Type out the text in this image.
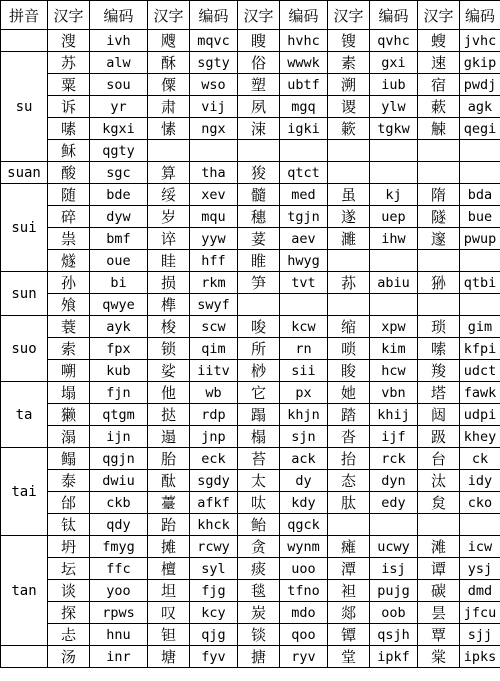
拼音	汉字	编码	汉字	编码	汉字	编码	汉字	编码	汉字	编码
	溲	ivh	飕	mqvc	瞍	hvhc	锼	qvhc	螋	jvhc
su	苏	alw	酥	sgty	俗	wwwk	素	gxi	速	gkip
	粟	sou	僳	wso	塑	ubtf	溯	iub	宿	pwdj
	诉	yr	肃	vij	夙	mgq	谡	ylw	蔌	agk
	嗉	kgxi	愫	ngx	涑	igki	簌	tgkw	觫	qegi
	稣	qgty								
suan	酸	sgc	算	tha	狻	qtct				
sui	随	bde	绥	xev	髓	med	虽	kj	隋	bda
	碎	dyw	岁	mqu	穗	tgjn	遂	uep	隧	bue
	祟	bmf	谇	yyw	荽	aev	濉	ihw	邃	pwup
	燧	oue	眭	hff	睢	hwyg				
sun	孙	bi	损	rkm	笋	tvt	荪	abiu	狲	qtbi
	飧	qwye	榫	swyf						
suo	蓑	ayk	梭	scw	唆	kcw	缩	xpw	琐	gim
	索	fpx	锁	qim	所	rn	唢	kim	嗦	kfpi
	嗍	kub	娑	iitv	桫	sii	睃	hcw	羧	udct
ta	塌	fjn	他	wb	它	px	她	vbn	塔	fawk
	獭	qtgm	挞	rdp	蹋	khjn	踏	khij	闼	udpi
	溻	ijn	遢	jnp	榻	sjn	沓	ijf	趿	khey
tai	鳎	qgjn	胎	eck	苔	ack	抬	rck	台	ck
	泰	dwiu	酞	sgdy	太	dy	态	dyn	汰	idy
	邰	ckb	薹	afkf	呔	kdy	肽	edy	炱	cko
	钛	qdy	跆	khck	鲐	qgck				
tan	坍	fmyg	摊	rcwy	贪	wynm	瘫	ucwy	滩	icw
	坛	ffc	檀	syl	痰	uoo	潭	isj	谭	ysj
	谈	yoo	坦	fjg	毯	tfno	袒	pujg	碳	dmd
	探	rpws	叹	kcy	炭	mdo	郯	oob	昙	jfcu
	忐	hnu	钽	qjg	锬	qoo	镡	qsjh	覃	sjj
	汤	inr	塘	fyv	搪	ryv	堂	ipkf	棠	ipks
